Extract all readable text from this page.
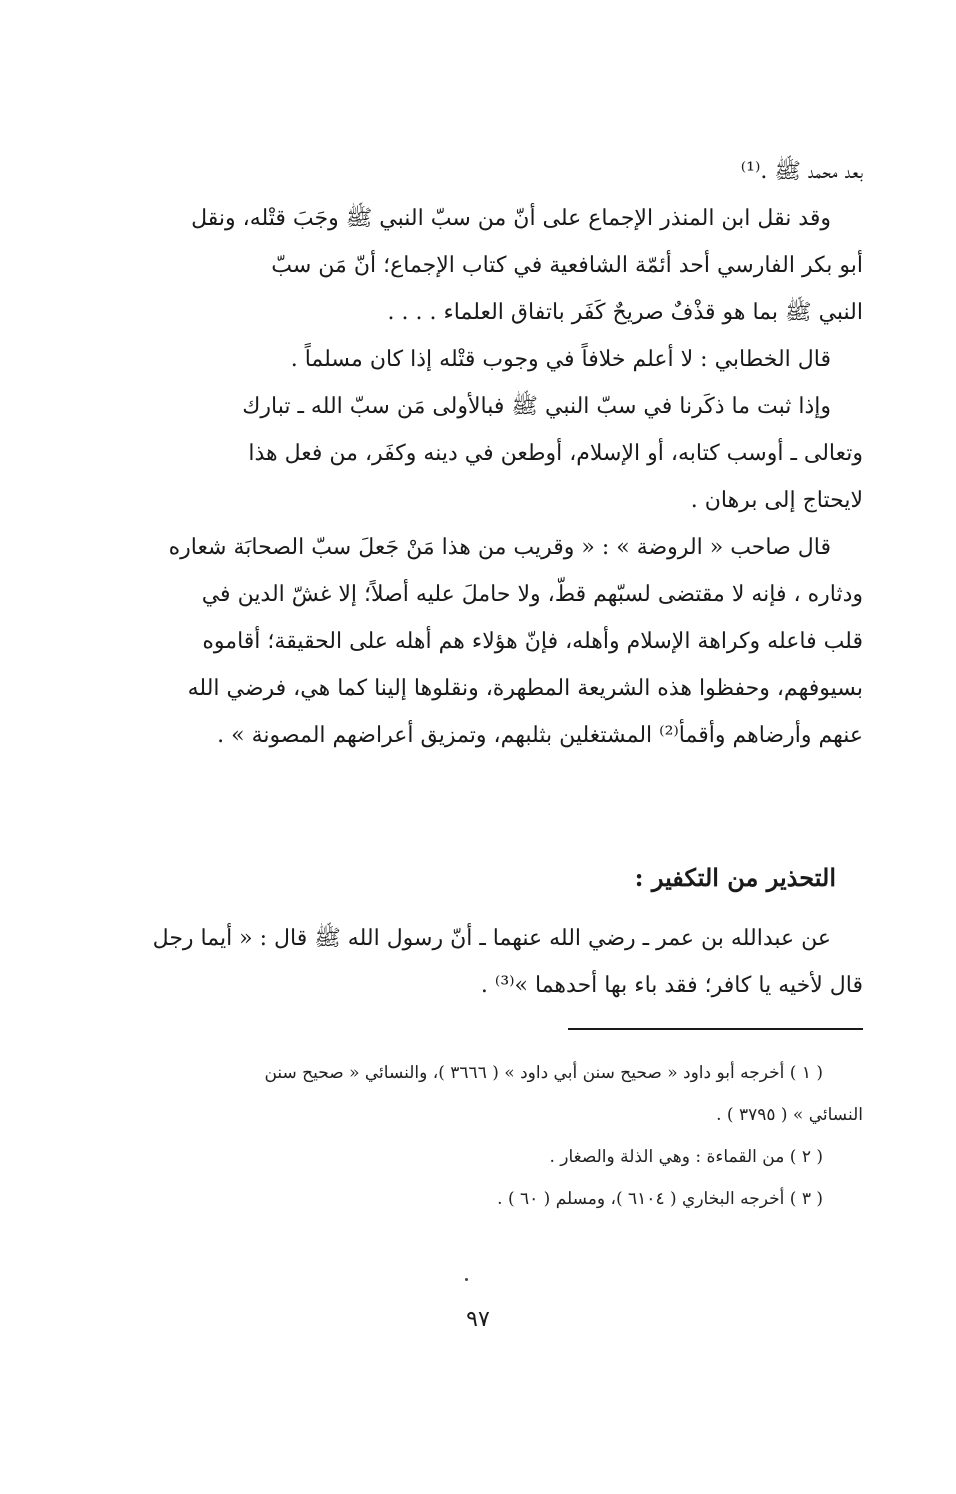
بعد محمد ﷺ .⁽¹⁾
وقد نقل ابن المنذر الإجماع على أنّ من سبّ النبي ﷺ وجَبَ قتْله، ونقل
أبو بكر الفارسي أحد أئمّة الشافعية في كتاب الإجماع؛ أنّ مَن سبّ
النبي ﷺ بما هو قذْفٌ صريحٌ كَفَر باتفاق العلماء . . . .
قال الخطابي : لا أعلم خلافاً في وجوب قتْله إذا كان مسلماً .
وإذا ثبت ما ذكَرنا في سبّ النبي ﷺ فبالأولى مَن سبّ الله ـ تبارك
وتعالى ـ أوسب كتابه، أو الإسلام، أوطعن في دينه وكفَر، من فعل هذا
لايحتاج إلى برهان .
قال صاحب « الروضة » : « وقريب من هذا مَنْ جَعلَ سبّ الصحابَة شعاره
ودثاره ، فإنه لا مقتضى لسبّهم قطّ، ولا حاملَ عليه أصلاً؛ إلا غشّ الدين في
قلب فاعله وكراهة الإسلام وأهله، فإنّ هؤلاء هم أهله على الحقيقة؛ أقاموه
بسيوفهم، وحفظوا هذه الشريعة المطهرة، ونقلوها إلينا كما هي، فرضي الله
عنهم وأرضاهم وأقمأ⁽²⁾ المشتغلين بثلبهم، وتمزيق أعراضهم المصونة » .
التحذير من التكفير :
عن عبدالله بن عمر ـ رضي الله عنهما ـ أنّ رسول الله ﷺ قال : « أيما رجل
قال لأخيه يا كافر؛ فقد باء بها أحدهما »⁽³⁾ .
( ١ ) أخرجه أبو داود « صحيح سنن أبي داود » ( ٣٦٦٦ )، والنسائي « صحيح سنن
النسائي » ( ٣٧٩٥ ) .
( ٢ ) من القماءة : وهي الذلة والصغار .
( ٣ ) أخرجه البخاري ( ٦١٠٤ )، ومسلم ( ٦٠ ) .
٩٧
